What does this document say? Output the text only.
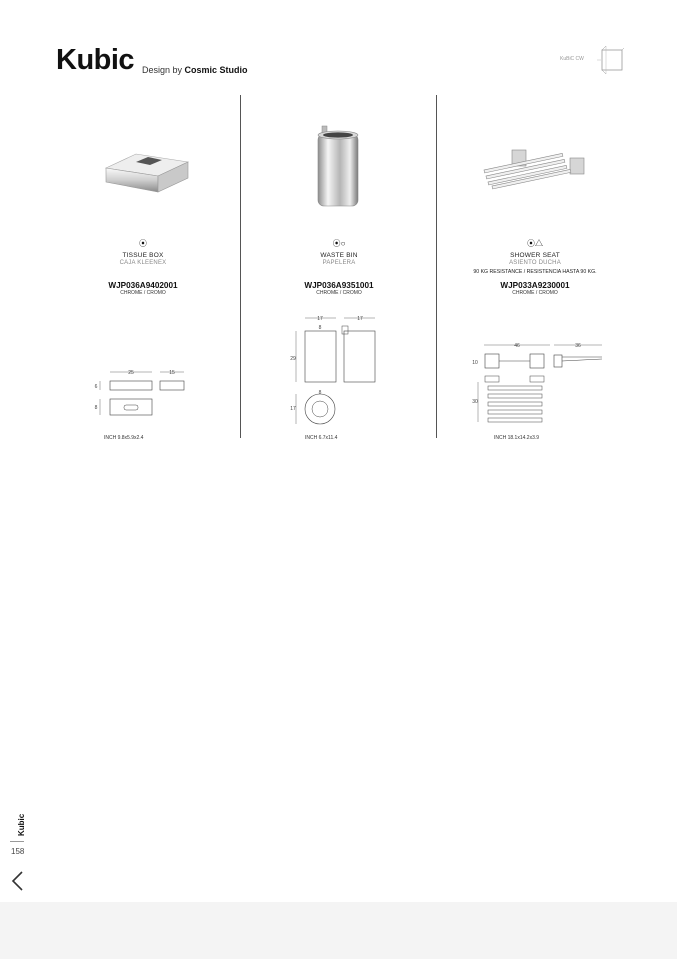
Kubic Design by Cosmic Studio
KuBiC CW
⦿
TISSUE BOX
CAJA KLEENEX
WJP036A9402001
CHROME / CROMO
25	15
6
8
INCH 9.8x5.9x2.4
⦿○
WASTE BIN
PAPELERA
WJP036A9351001
CHROME / CROMO
17	17
8
29
8
17
INCH 6.7x11.4
⦿△
SHOWER SEAT
ASIENTO DUCHA
90 KG RESISTANCE / RESISTENCIA HASTA 90 KG.
WJP033A9230001
CHROME / CROMO
46	36
10
30
INCH 18.1x14.2x3.9
Kubic
158
